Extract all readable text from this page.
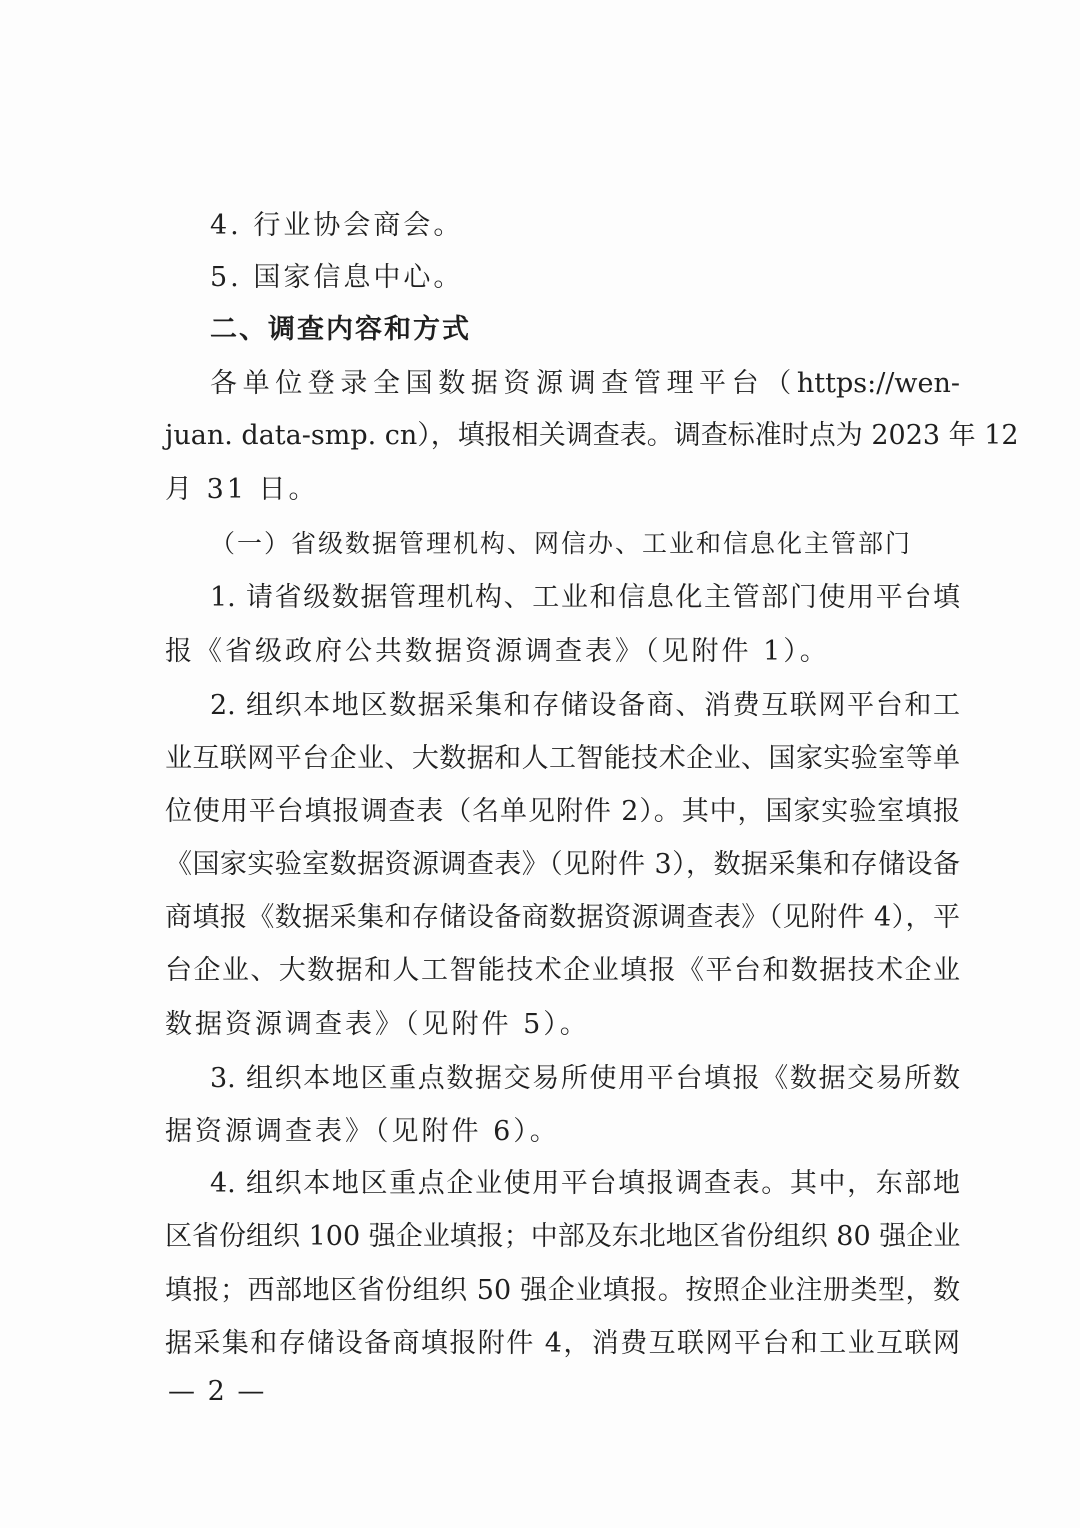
4. 行业协会商会。
5. 国家信息中心。
二、调查内容和方式
各单位登录全国数据资源调查管理平台（https://wen-
juan. data-smp. cn），填报相关调查表。调查标准时点为 2023 年 12
月 31 日。
（一）省级数据管理机构、网信办、工业和信息化主管部门
1. 请省级数据管理机构、工业和信息化主管部门使用平台填
报《省级政府公共数据资源调查表》（见附件 1）。
2. 组织本地区数据采集和存储设备商、消费互联网平台和工
业互联网平台企业、大数据和人工智能技术企业、国家实验室等单
位使用平台填报调查表（名单见附件 2）。其中，国家实验室填报
《国家实验室数据资源调查表》（见附件 3），数据采集和存储设备
商填报《数据采集和存储设备商数据资源调查表》（见附件 4），平
台企业、大数据和人工智能技术企业填报《平台和数据技术企业
数据资源调查表》（见附件 5）。
3. 组织本地区重点数据交易所使用平台填报《数据交易所数
据资源调查表》（见附件 6）。
4. 组织本地区重点企业使用平台填报调查表。其中，东部地
区省份组织 100 强企业填报；中部及东北地区省份组织 80 强企业
填报；西部地区省份组织 50 强企业填报。按照企业注册类型，数
据采集和存储设备商填报附件 4，消费互联网平台和工业互联网
— 2 —
